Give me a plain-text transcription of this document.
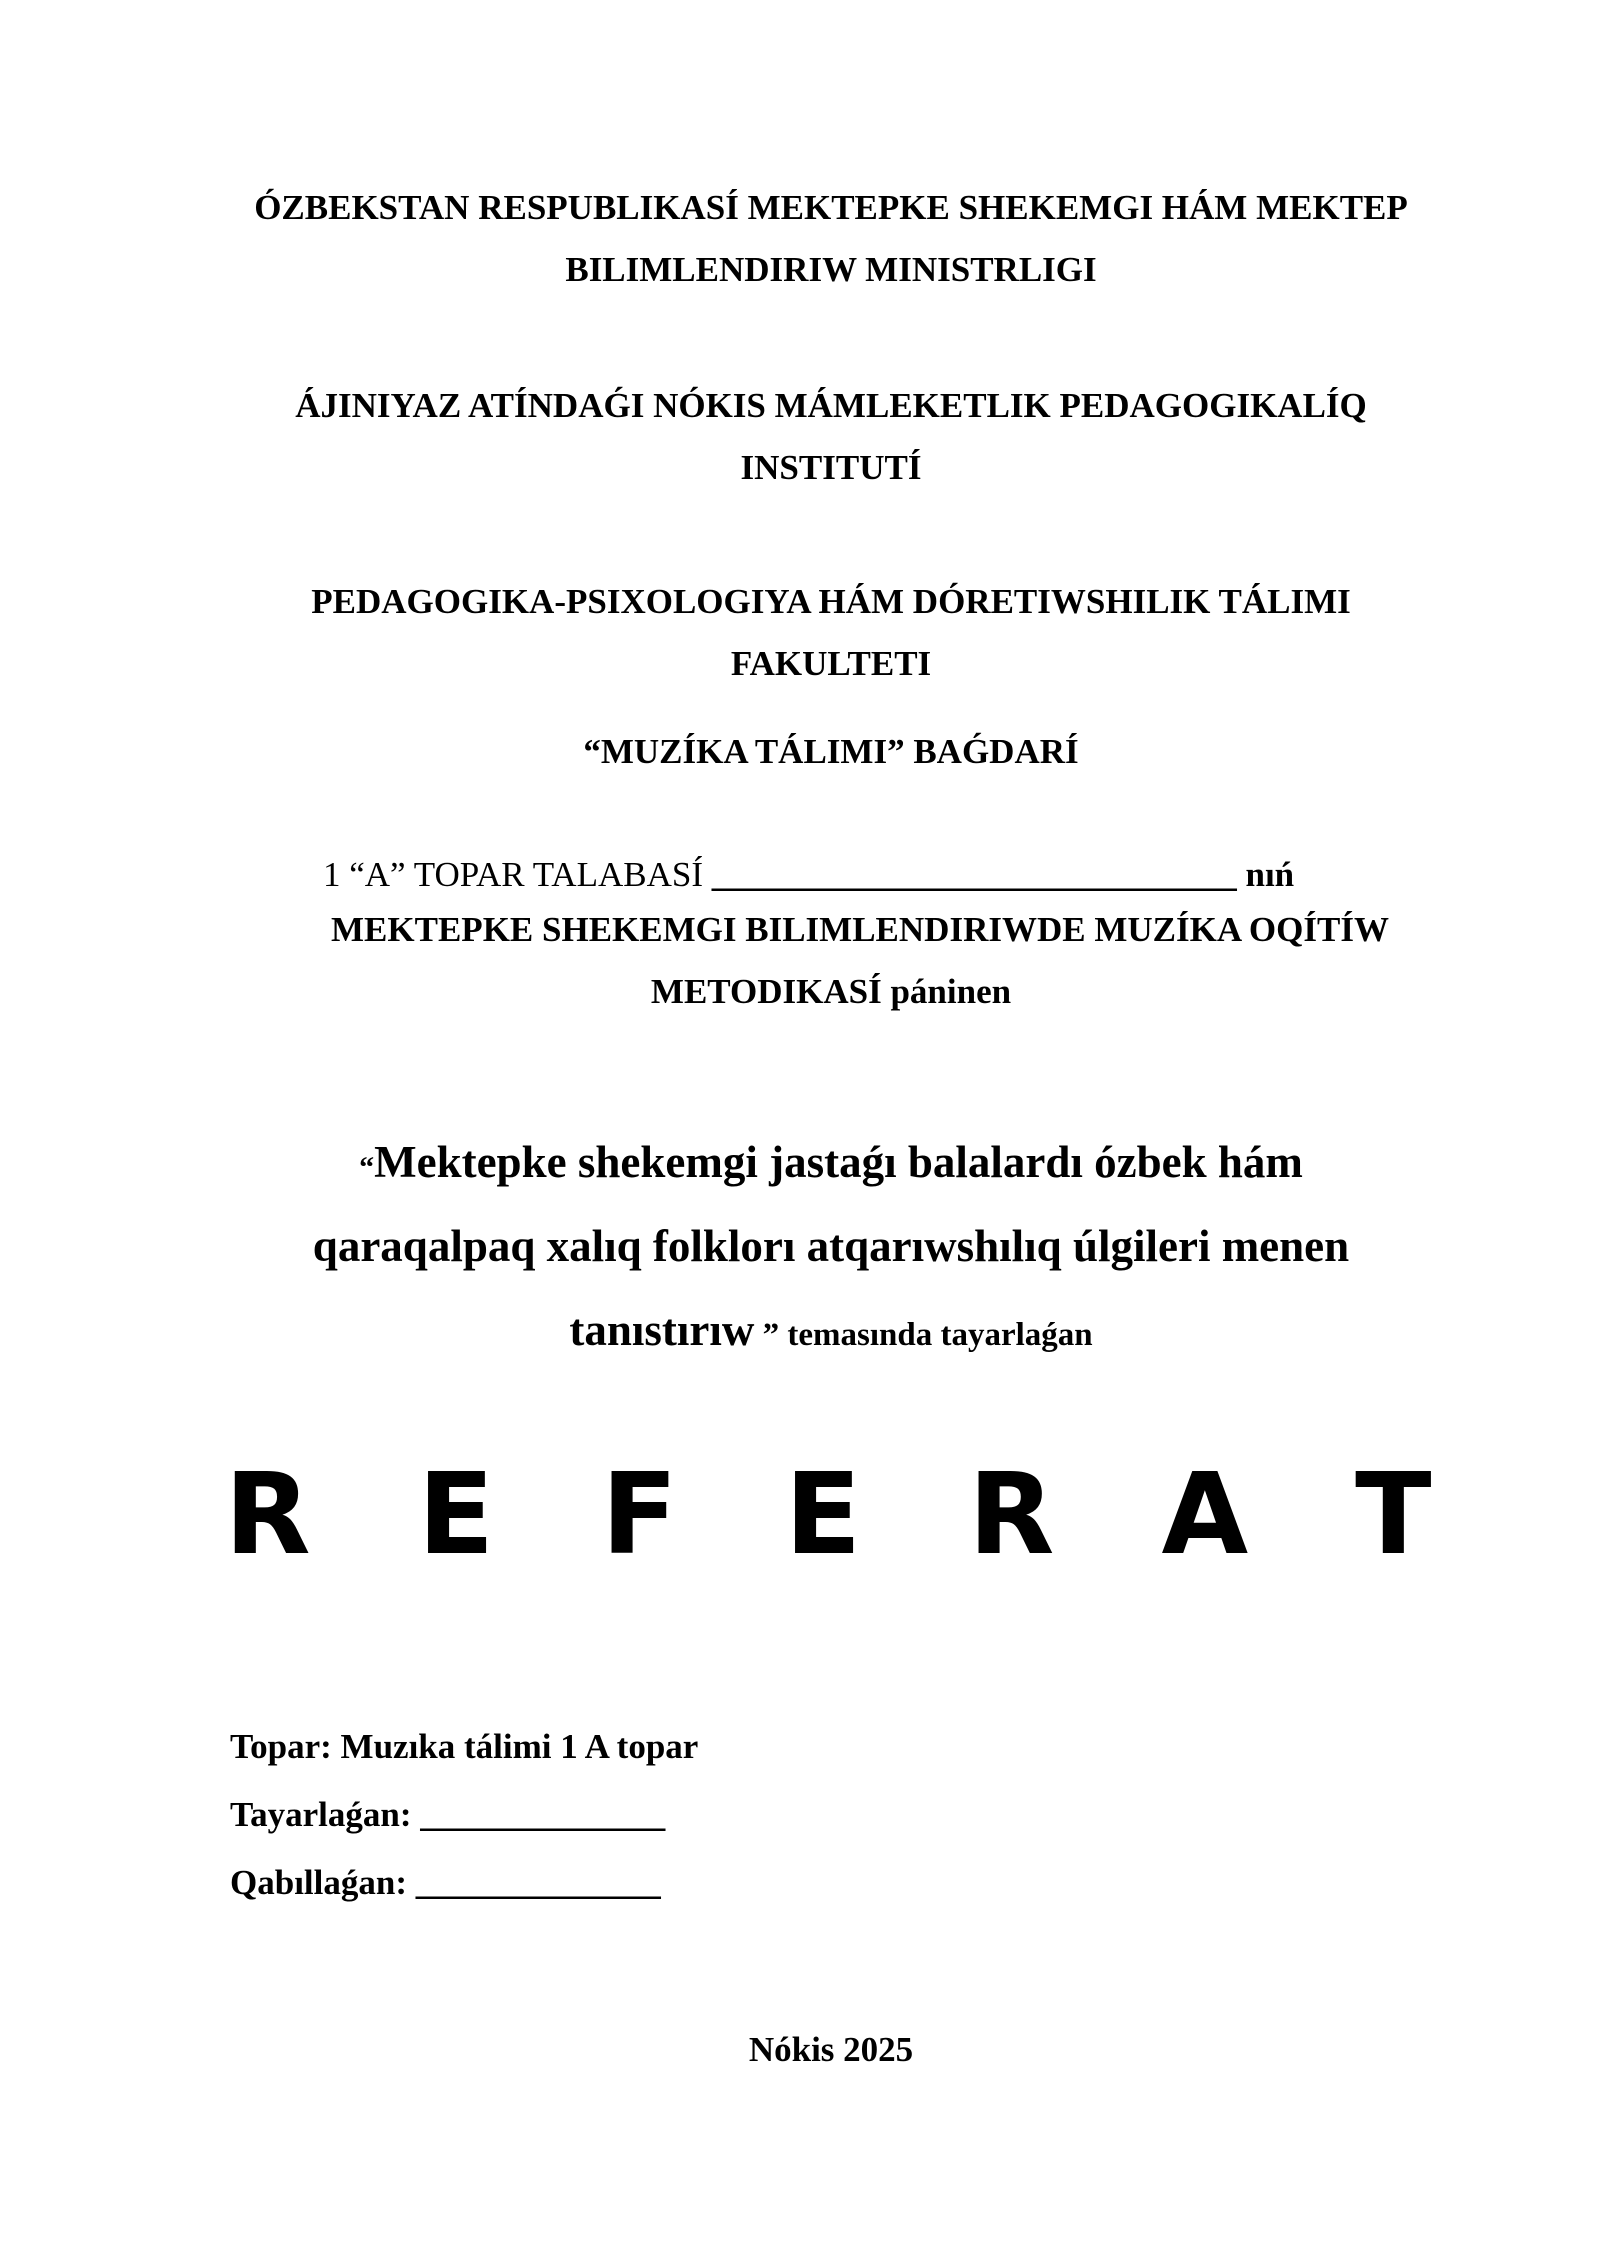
ÓZBEKSTAN RESPUBLIKASÍ MEKTEPKE SHEKEMGI HÁM MEKTEP

BILIMLENDIRIW MINISTRLIGI

ÁJINIYAZ ATÍNDAǴI NÓKIS MÁMLEKETLIK PEDAGOGIKALÍQ

INSTITUTÍ

PEDAGOGIKA-PSIXOLOGIYA HÁM DÓRETIWSHILIK TÁLIMI

FAKULTETI

“MUZÍKA TÁLIMI” BAǴDARÍ

1 “A” TOPAR TALABASÍ ______________________________ nıń

MEKTEPKE SHEKEMGI BILIMLENDIRIWDE MUZÍKA OQÍTÍW

METODIKASÍ páninen

“Mektepke shekemgi jastaǵı balalardı ózbek hám

qaraqalpaq xalıq folklorı atqarıwshılıq úlgileri menen

tanıstırıw ” temasında tayarlaǵan

R E F E R A T

Topar: Muzıka tálimi 1 A topar

Tayarlaǵan: ______________

Qabıllaǵan: ______________

Nókis 2025
